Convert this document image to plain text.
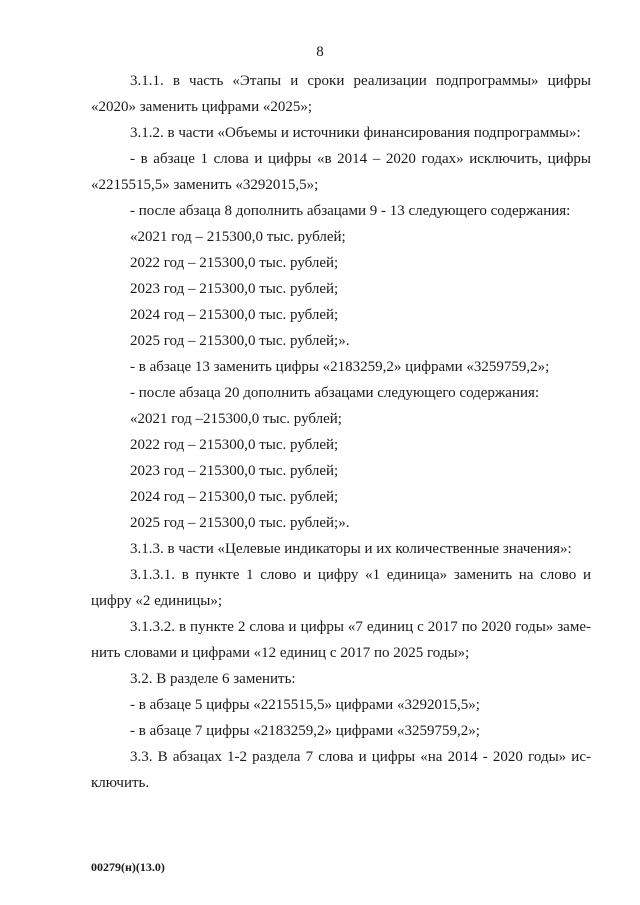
8
3.1.1. в часть «Этапы и сроки реализации подпрограммы» цифры
«2020» заменить цифрами «2025»;
3.1.2. в части «Объемы и источники финансирования подпрограммы»:
- в абзаце 1 слова и цифры «в 2014 – 2020 годах» исключить, цифры
«2215515,5» заменить «3292015,5»;
- после абзаца 8 дополнить абзацами 9 - 13 следующего содержания:
«2021 год – 215300,0 тыс. рублей;
2022 год – 215300,0 тыс. рублей;
2023 год – 215300,0 тыс. рублей;
2024 год – 215300,0 тыс. рублей;
2025 год – 215300,0 тыс. рублей;».
- в абзаце 13 заменить цифры «2183259,2» цифрами «3259759,2»;
- после абзаца 20 дополнить абзацами следующего содержания:
«2021 год –215300,0 тыс. рублей;
2022 год – 215300,0 тыс. рублей;
2023 год – 215300,0 тыс. рублей;
2024 год – 215300,0 тыс. рублей;
2025 год – 215300,0 тыс. рублей;».
3.1.3. в части «Целевые индикаторы и их количественные значения»:
3.1.3.1. в пункте 1 слово и цифру «1 единица» заменить на слово и
цифру «2 единицы»;
3.1.3.2. в пункте 2 слова и цифры «7 единиц с 2017 по 2020 годы» заме-
нить словами и цифрами «12 единиц с 2017 по 2025 годы»;
3.2. В разделе 6 заменить:
- в абзаце 5 цифры «2215515,5» цифрами «3292015,5»;
- в абзаце 7 цифры «2183259,2» цифрами «3259759,2»;
3.3. В абзацах 1-2 раздела 7 слова и цифры «на 2014 - 2020 годы» ис-
ключить.
00279(н)(13.0)
